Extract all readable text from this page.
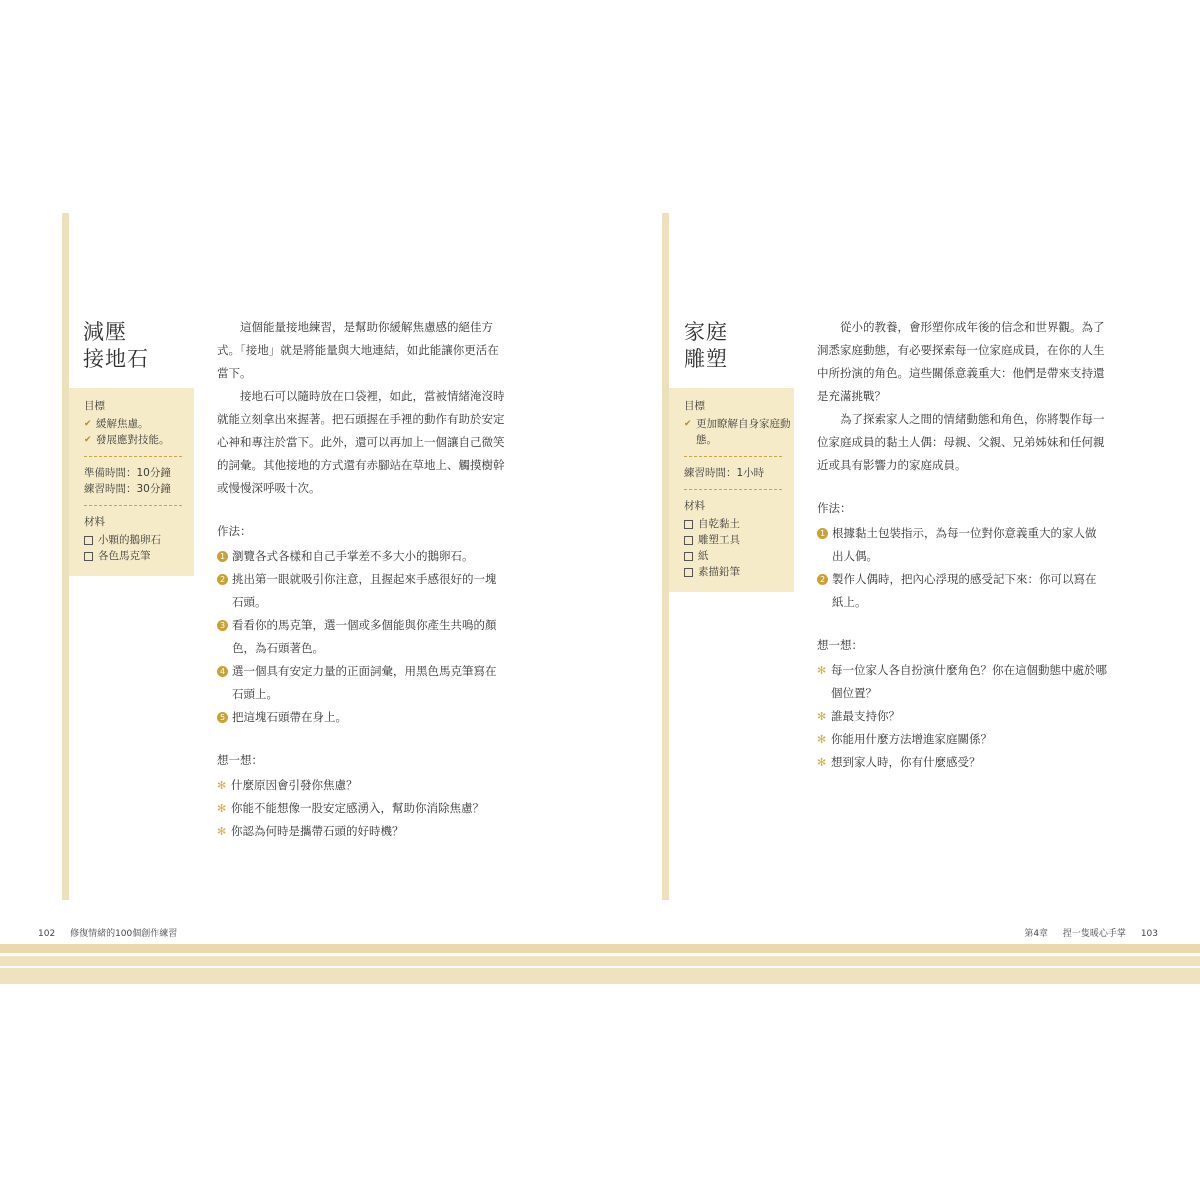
減壓
接地石
目標
✔ 緩解焦慮。
✔ 發展應對技能。
準備時間：10分鐘
練習時間：30分鐘
材料
小顆的鵝卵石
各色馬克筆

這個能量接地練習，是幫助你緩解焦慮感的絕佳方式。「接地」就是將能量與大地連結，如此能讓你更活在當下。

接地石可以隨時放在口袋裡，如此，當被情緒淹沒時就能立刻拿出來握著。把石頭握在手裡的動作有助於安定心神和專注於當下。此外，還可以再加上一個讓自己微笑的詞彙。其他接地的方式還有赤腳站在草地上、觸摸樹幹或慢慢深呼吸十次。

作法：
1 瀏覽各式各樣和自己手掌差不多大小的鵝卵石。
2 挑出第一眼就吸引你注意，且握起來手感很好的一塊石頭。
3 看看你的馬克筆，選一個或多個能與你產生共鳴的顏色，為石頭著色。
4 選一個具有安定力量的正面詞彙，用黑色馬克筆寫在石頭上。
5 把這塊石頭帶在身上。
想一想：
✻ 什麼原因會引發你焦慮？
✻ 你能不能想像一股安定感湧入，幫助你消除焦慮？
✻ 你認為何時是攜帶石頭的好時機？
家庭
雕塑
目標
✔ 更加瞭解自身家庭動態。
練習時間：1小時
材料
自乾黏土
雕塑工具
紙
素描鉛筆

從小的教養，會形塑你成年後的信念和世界觀。為了洞悉家庭動態，有必要探索每一位家庭成員，在你的人生中所扮演的角色。這些關係意義重大：他們是帶來支持還是充滿挑戰？

為了探索家人之間的情緒動態和角色，你將製作每一位家庭成員的黏土人偶：母親、父親、兄弟姊妹和任何親近或具有影響力的家庭成員。

作法：
1 根據黏土包裝指示，為每一位對你意義重大的家人做出人偶。
2 製作人偶時，把內心浮現的感受記下來：你可以寫在紙上。
想一想：
✻ 每一位家人各自扮演什麼角色？你在這個動態中處於哪個位置？
✻ 誰最支持你？
✻ 你能用什麼方法增進家庭關係？
✻ 想到家人時，你有什麼感受？
102 修復情緒的100個創作練習	第4章 捏一隻暖心手掌 103
